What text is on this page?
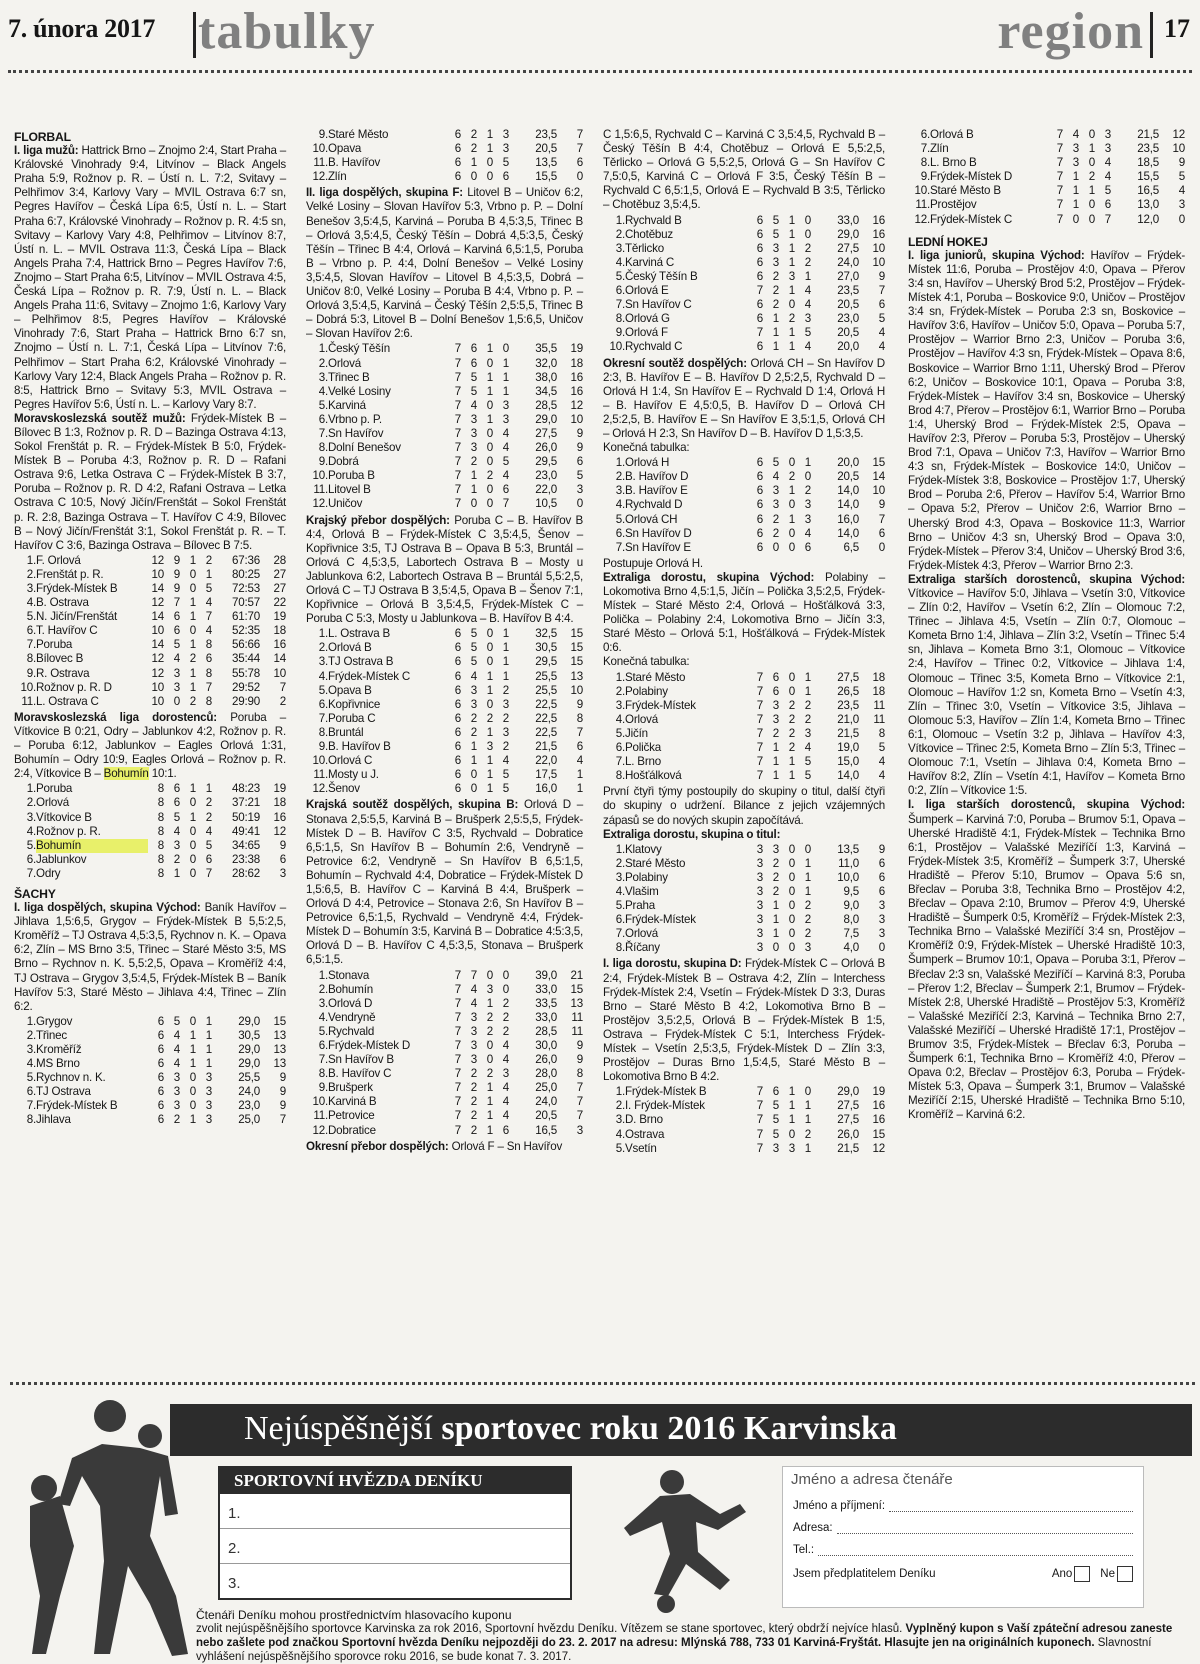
7. února 2017 tabulky	region 17
FLORBAL

I. liga mužů: Hattrick Brno – Znojmo 2:4, Start Praha – Královské Vinohrady 9:4, Litvínov – Black Angels Praha 5:9, Rožnov p. R. – Ústí n. L. 7:2, Svitavy – Pelhřimov 3:4, Karlovy Vary – MVIL Ostrava 6:7 sn, Pegres Havířov – Česká Lípa 6:5, Ústí n. L. – Start Praha 6:7, Královské Vinohrady – Rožnov p. R. 4:5 sn, Svitavy – Karlovy Vary 4:8, Pelhřimov – Litvínov 8:7, Ústí n. L. – MVIL Ostrava 11:3, Česká Lípa – Black Angels Praha 7:4, Hattrick Brno – Pegres Havířov 7:6, Znojmo – Start Praha 6:5, Litvínov – MVIL Ostrava 4:5, Česká Lípa – Rožnov p. R. 7:9, Ústí n. L. – Black Angels Praha 11:6, Svitavy – Znojmo 1:6, Karlovy Vary – Pelhřimov 8:5, Pegres Havířov – Královské Vinohrady 7:6, Start Praha – Hattrick Brno 6:7 sn, Znojmo – Ústí n. L. 7:1, Česká Lípa – Litvínov 7:6, Pelhřimov – Start Praha 6:2, Královské Vinohrady – Karlovy Vary 12:4, Black Angels Praha – Rožnov p. R. 8:5, Hattrick Brno – Svitavy 5:3, MVIL Ostrava – Pegres Havířov 5:6, Ústí n. L. – Karlovy Vary 8:7.

Moravskoslezská soutěž mužů: Frýdek-Místek B – Bílovec B 1:3, Rožnov p. R. D – Bazinga Ostrava 4:13, Sokol Frenštát p. R. – Frýdek-Místek B 5:0, Frýdek-Místek B – Poruba 4:3, Rožnov p. R. D – Rafani Ostrava 9:6, Letka Ostrava C – Frýdek-Místek B 3:7, Poruba – Rožnov p. R. D 4:2, Rafani Ostrava – Letka Ostrava C 10:5, Nový Jičín/Frenštát – Sokol Frenštát p. R. 2:8, Bazinga Ostrava – T. Havířov C 4:9, Bílovec B – Nový Jičín/Frenštát 3:1, Sokol Frenštát p. R. – T. Havířov C 3:6, Bazinga Ostrava – Bílovec B 7:5.

1.	F. Orlová	12	9	1	2	67:36	28
2.	Frenštát p. R.	10	9	0	1	80:25	27
3.	Frýdek-Místek B	14	9	0	5	72:53	27
4.	B. Ostrava	12	7	1	4	70:57	22
5.	N. Jičín/Frenštát	14	6	1	7	61:70	19
6.	T. Havířov C	10	6	0	4	52:35	18
7.	Poruba	14	5	1	8	56:66	16
8.	Bílovec B	12	4	2	6	35:44	14
9.	R. Ostrava	12	3	1	8	55:78	10
10.	Rožnov p. R. D	10	3	1	7	29:52	7
11.	L. Ostrava C	10	0	2	8	29:90	2

Moravskoslezská liga dorostenců: Poruba – Vítkovice B 0:21, Odry – Jablunkov 4:2, Rožnov p. R. – Poruba 6:12, Jablunkov – Eagles Orlová 1:31, Bohumín – Odry 10:9, Eagles Orlová – Rožnov p. R. 2:4, Vítkovice B – Bohumín 10:1.

1.	Poruba	8	6	1	1	48:23	19
2.	Orlová	8	6	0	2	37:21	18
3.	Vítkovice B	8	5	1	2	50:19	16
4.	Rožnov p. R.	8	4	0	4	49:41	12
5.	Bohumín	8	3	0	5	34:65	9
6.	Jablunkov	8	2	0	6	23:38	6
7.	Odry	8	1	0	7	28:62	3
ŠACHY

I. liga dospělých, skupina Východ: Baník Havířov – Jihlava 1,5:6,5, Grygov – Frýdek-Místek B 5,5:2,5, Kroměříž – TJ Ostrava 4,5:3,5, Rychnov n. K. – Opava 6:2, Zlín – MS Brno 3:5, Třinec – Staré Město 3:5, MS Brno – Rychnov n. K. 5,5:2,5, Opava – Kroměříž 4:4, TJ Ostrava – Grygov 3,5:4,5, Frýdek-Místek B – Baník Havířov 5:3, Staré Město – Jihlava 4:4, Třinec – Zlín 6:2.

1.	Grygov	6	5	0	1	29,0	15
2.	Třinec	6	4	1	1	30,5	13
3.	Kroměříž	6	4	1	1	29,0	13
4.	MS Brno	6	4	1	1	29,0	13
5.	Rychnov n. K.	6	3	0	3	25,5	9
6.	TJ Ostrava	6	3	0	3	24,0	9
7.	Frýdek-Místek B	6	3	0	3	23,0	9
8.	Jihlava	6	2	1	3	25,0	7
9.	Staré Město	6	2	1	3	23,5	7
10.	Opava	6	2	1	3	20,5	7
11.	B. Havířov	6	1	0	5	13,5	6
12.	Zlín	6	0	0	6	15,5	0

II. liga dospělých, skupina F: Litovel B – Uničov 6:2, Velké Losiny – Slovan Havířov 5:3, Vrbno p. P. – Dolní Benešov 3,5:4,5, Karviná – Poruba B 4,5:3,5, Třinec B – Orlová 3,5:4,5, Český Těšín – Dobrá 4,5:3,5, Český Těšín – Třinec B 4:4, Orlová – Karviná 6,5:1,5, Poruba B – Vrbno p. P. 4:4, Dolní Benešov – Velké Losiny 3,5:4,5, Slovan Havířov – Litovel B 4,5:3,5, Dobrá – Uničov 8:0, Velké Losiny – Poruba B 4:4, Vrbno p. P. – Orlová 3,5:4,5, Karviná – Český Těšín 2,5:5,5, Třinec B – Dobrá 5:3, Litovel B – Dolní Benešov 1,5:6,5, Uničov – Slovan Havířov 2:6.

1.	Český Těšín	7	6	1	0	35,5	19
2.	Orlová	7	6	0	1	32,0	18
3.	Třinec B	7	5	1	1	38,0	16
4.	Velké Losiny	7	5	1	1	34,5	16
5.	Karviná	7	4	0	3	28,5	12
6.	Vrbno p. P.	7	3	1	3	29,0	10
7.	Sn Havířov	7	3	0	4	27,5	9
8.	Dolní Benešov	7	3	0	4	26,0	9
9.	Dobrá	7	2	0	5	29,5	6
10.	Poruba B	7	1	2	4	23,0	5
11.	Litovel B	7	1	0	6	22,0	3
12.	Uničov	7	0	0	7	10,5	0

Krajský přebor dospělých: Poruba C – B. Havířov B 4:4, Orlová B – Frýdek-Místek C 3,5:4,5, Šenov – Kopřivnice 3:5, TJ Ostrava B – Opava B 5:3, Bruntál – Orlová C 4,5:3,5, Labortech Ostrava B – Mosty u Jablunkova 6:2, Labortech Ostrava B – Bruntál 5,5:2,5, Orlová C – TJ Ostrava B 3,5:4,5, Opava B – Šenov 7:1, Kopřivnice – Orlová B 3,5:4,5, Frýdek-Místek C – Poruba C 5:3, Mosty u Jablunkova – B. Havířov B 4:4.

1.	L. Ostrava B	6	5	0	1	32,5	15
2.	Orlová B	6	5	0	1	30,5	15
3.	TJ Ostrava B	6	5	0	1	29,5	15
4.	Frýdek-Místek C	6	4	1	1	25,5	13
5.	Opava B	6	3	1	2	25,5	10
6.	Kopřivnice	6	3	0	3	22,5	9
7.	Poruba C	6	2	2	2	22,5	8
8.	Bruntál	6	2	1	3	22,5	7
9.	B. Havířov B	6	1	3	2	21,5	6
10.	Orlová C	6	1	1	4	22,0	4
11.	Mosty u J.	6	0	1	5	17,5	1
12.	Šenov	6	0	1	5	16,0	1

Krajská soutěž dospělých, skupina B: Orlová D – Stonava 2,5:5,5, Karviná B – Brušperk 2,5:5,5, Frýdek-Místek D – B. Havířov C 3:5, Rychvald – Dobratice 6,5:1,5, Sn Havířov B – Bohumín 2:6, Vendryně – Petrovice 6:2, Vendryně – Sn Havířov B 6,5:1,5, Bohumín – Rychvald 4:4, Dobratice – Frýdek-Místek D 1,5:6,5, B. Havířov C – Karviná B 4:4, Brušperk – Orlová D 4:4, Petrovice – Stonava 2:6, Sn Havířov B – Petrovice 6,5:1,5, Rychvald – Vendryně 4:4, Frýdek-Místek D – Bohumín 3:5, Karviná B – Dobratice 4:5:3,5, Orlová D – B. Havířov C 4,5:3,5, Stonava – Brušperk 6,5:1,5.

1.	Stonava	7	7	0	0	39,0	21
2.	Bohumín	7	4	3	0	33,0	15
3.	Orlová D	7	4	1	2	33,5	13
4.	Vendryně	7	3	2	2	33,0	11
5.	Rychvald	7	3	2	2	28,5	11
6.	Frýdek-Místek D	7	3	0	4	30,0	9
7.	Sn Havířov B	7	3	0	4	26,0	9
8.	B. Havířov C	7	2	2	3	28,0	8
9.	Brušperk	7	2	1	4	25,0	7
10.	Karviná B	7	2	1	4	24,0	7
11.	Petrovice	7	2	1	4	20,5	7
12.	Dobratice	7	2	1	6	16,5	3

Okresní přebor dospělých: Orlová F – Sn Havířov

C 1,5:6,5, Rychvald C – Karviná C 3,5:4,5, Rychvald B – Český Těšín B 4:4, Chotěbuz – Orlová E 5,5:2,5, Těrlicko – Orlová G 5,5:2,5, Orlová G – Sn Havířov C 7,5:0,5, Karviná C – Orlová F 3:5, Český Těšín B – Rychvald C 6,5:1,5, Orlová E – Rychvald B 3:5, Těrlicko – Chotěbuz 3,5:4,5.

1.	Rychvald B	6	5	1	0	33,0	16
2.	Chotěbuz	6	5	1	0	29,0	16
3.	Těrlicko	6	3	1	2	27,5	10
4.	Karviná C	6	3	1	2	24,0	10
5.	Český Těšín B	6	2	3	1	27,0	9
6.	Orlová E	7	2	1	4	23,5	7
7.	Sn Havířov C	6	2	0	4	20,5	6
8.	Orlová G	6	1	2	3	23,0	5
9.	Orlová F	7	1	1	5	20,5	4
10.	Rychvald C	6	1	1	4	20,0	4

Okresní soutěž dospělých: Orlová CH – Sn Havířov D 2:3, B. Havířov E – B. Havířov D 2,5:2,5, Rychvald D – Orlová H 1:4, Sn Havířov E – Rychvald D 1:4, Orlová H – B. Havířov E 4,5:0,5, B. Havířov D – Orlová CH 2,5:2,5, B. Havířov E – Sn Havířov E 3,5:1,5, Orlová CH – Orlová H 2:3, Sn Havířov D – B. Havířov D 1,5:3,5.

Konečná tabulka:

1.	Orlová H	6	5	0	1	20,0	15
2.	B. Havířov D	6	4	2	0	20,5	14
3.	B. Havířov E	6	3	1	2	14,0	10
4.	Rychvald D	6	3	0	3	14,0	9
5.	Orlová CH	6	2	1	3	16,0	7
6.	Sn Havířov D	6	2	0	4	14,0	6
7.	Sn Havířov E	6	0	0	6	6,5	0

Postupuje Orlová H.

Extraliga dorostu, skupina Východ: Polabiny – Lokomotiva Brno 4,5:1,5, Jičín – Polička 3,5:2,5, Frýdek-Místek – Staré Město 2:4, Orlová – Hošťálková 3:3, Polička – Polabiny 2:4, Lokomotiva Brno – Jičín 3:3, Staré Město – Orlová 5:1, Hošťálková – Frýdek-Místek 0:6.

Konečná tabulka:

1.	Staré Město	7	6	0	1	27,5	18
2.	Polabiny	7	6	0	1	26,5	18
3.	Frýdek-Místek	7	3	2	2	23,5	11
4.	Orlová	7	3	2	2	21,0	11
5.	Jičín	7	2	2	3	21,5	8
6.	Polička	7	1	2	4	19,0	5
7.	L. Brno	7	1	1	5	15,0	4
8.	Hošťálková	7	1	1	5	14,0	4

První čtyři týmy postoupily do skupiny o titul, další čtyři do skupiny o udržení. Bilance z jejich vzájemných zápasů se do nových skupin započítává.

Extraliga dorostu, skupina o titul:

1.	Klatovy	3	3	0	0	13,5	9
2.	Staré Město	3	2	0	1	11,0	6
3.	Polabiny	3	2	0	1	10,0	6
4.	Vlašim	3	2	0	1	9,5	6
5.	Praha	3	1	0	2	9,0	3
6.	Frýdek-Místek	3	1	0	2	8,0	3
7.	Orlová	3	1	0	2	7,5	3
8.	Říčany	3	0	0	3	4,0	0

I. liga dorostu, skupina D: Frýdek-Místek C – Orlová B 2:4, Frýdek-Místek B – Ostrava 4:2, Zlín – Interchess Frýdek-Místek 2:4, Vsetín – Frýdek-Místek D 3:3, Duras Brno – Staré Město B 4:2, Lokomotiva Brno B – Prostějov 3,5:2,5, Orlová B – Frýdek-Místek B 1:5, Ostrava – Frýdek-Místek C 5:1, Interchess Frýdek-Místek – Vsetín 2,5:3,5, Frýdek-Místek D – Zlín 3:3, Prostějov – Duras Brno 1,5:4,5, Staré Město B – Lokomotiva Brno B 4:2.

1.	Frýdek-Místek B	7	6	1	0	29,0	19
2.	I. Frýdek-Místek	7	5	1	1	27,5	16
3.	D. Brno	7	5	1	1	27,5	16
4.	Ostrava	7	5	0	2	26,0	15
5.	Vsetín	7	3	3	1	21,5	12
6.	Orlová B	7	4	0	3	21,5	12
7.	Zlín	7	3	1	3	23,5	10
8.	L. Brno B	7	3	0	4	18,5	9
9.	Frýdek-Místek D	7	1	2	4	15,5	5
10.	Staré Město B	7	1	1	5	16,5	4
11.	Prostějov	7	1	0	6	13,0	3
12.	Frýdek-Místek C	7	0	0	7	12,0	0
LEDNÍ HOKEJ

I. liga juniorů, skupina Východ: Havířov – Frýdek-Místek 11:6, Poruba – Prostějov 4:0, Opava – Přerov 3:4 sn, Havířov – Uherský Brod 5:2, Prostějov – Frýdek-Místek 4:1, Poruba – Boskovice 9:0, Uničov – Prostějov 3:4 sn, Frýdek-Místek – Poruba 2:3 sn, Boskovice – Havířov 3:6, Havířov – Uničov 5:0, Opava – Poruba 5:7, Prostějov – Warrior Brno 2:3, Uničov – Poruba 3:6, Prostějov – Havířov 4:3 sn, Frýdek-Místek – Opava 8:6, Boskovice – Warrior Brno 1:11, Uherský Brod – Přerov 6:2, Uničov – Boskovice 10:1, Opava – Poruba 3:8, Frýdek-Místek – Havířov 3:4 sn, Boskovice – Uherský Brod 4:7, Přerov – Prostějov 6:1, Warrior Brno – Poruba 1:4, Uherský Brod – Frýdek-Místek 2:5, Opava – Havířov 2:3, Přerov – Poruba 5:3, Prostějov – Uherský Brod 7:1, Opava – Uničov 7:3, Havířov – Warrior Brno 4:3 sn, Frýdek-Místek – Boskovice 14:0, Uničov – Frýdek-Místek 3:8, Boskovice – Prostějov 1:7, Uherský Brod – Poruba 2:6, Přerov – Havířov 5:4, Warrior Brno – Opava 5:2, Přerov – Uničov 2:6, Warrior Brno – Uherský Brod 4:3, Opava – Boskovice 11:3, Warrior Brno – Uničov 4:3 sn, Uherský Brod – Opava 3:0, Frýdek-Místek – Přerov 3:4, Uničov – Uherský Brod 3:6, Frýdek-Místek 4:3, Přerov – Warrior Brno 2:3.

Extraliga starších dorostenců, skupina Východ: Vítkovice – Havířov 5:0, Jihlava – Vsetín 3:0, Vítkovice – Zlín 0:2, Havířov – Vsetín 6:2, Zlín – Olomouc 7:2, Třinec – Jihlava 4:5, Vsetín – Zlín 0:7, Olomouc – Kometa Brno 1:4, Jihlava – Zlín 3:2, Vsetín – Třinec 5:4 sn, Jihlava – Kometa Brno 3:1, Olomouc – Vítkovice 2:4, Havířov – Třinec 0:2, Vítkovice – Jihlava 1:4, Olomouc – Třinec 3:5, Kometa Brno – Vítkovice 2:1, Olomouc – Havířov 1:2 sn, Kometa Brno – Vsetín 4:3, Zlín – Třinec 3:0, Vsetín – Vítkovice 3:5, Jihlava – Olomouc 5:3, Havířov – Zlín 1:4, Kometa Brno – Třinec 6:1, Olomouc – Vsetín 3:2 p, Jihlava – Havířov 4:3, Vítkovice – Třinec 2:5, Kometa Brno – Zlín 5:3, Třinec – Olomouc 7:1, Vsetín – Jihlava 0:4, Kometa Brno – Havířov 8:2, Zlín – Vsetín 4:1, Havířov – Kometa Brno 0:2, Zlín – Vítkovice 1:5.

I. liga starších dorostenců, skupina Východ: Šumperk – Karviná 7:0, Poruba – Brumov 5:1, Opava – Uherské Hradiště 4:1, Frýdek-Místek – Technika Brno 6:1, Prostějov – Valašské Meziříčí 1:3, Karviná – Frýdek-Místek 3:5, Kroměříž – Šumperk 3:7, Uherské Hradiště – Přerov 5:10, Brumov – Opava 5:6 sn, Břeclav – Poruba 3:8, Technika Brno – Prostějov 4:2, Břeclav – Opava 2:10, Brumov – Přerov 4:9, Uherské Hradiště – Šumperk 0:5, Kroměříž – Frýdek-Místek 2:3, Technika Brno – Valašské Meziříčí 3:4 sn, Prostějov – Kroměříž 0:9, Frýdek-Místek – Uherské Hradiště 10:3, Šumperk – Brumov 10:1, Opava – Poruba 3:1, Přerov – Břeclav 2:3 sn, Valašské Meziříčí – Karviná 8:3, Poruba – Přerov 1:2, Břeclav – Šumperk 2:1, Brumov – Frýdek-Místek 2:8, Uherské Hradiště – Prostějov 5:3, Kroměříž – Valašské Meziříčí 2:3, Karviná – Technika Brno 2:7, Valašské Meziříčí – Uherské Hradiště 17:1, Prostějov – Brumov 3:5, Frýdek-Místek – Břeclav 6:3, Poruba – Šumperk 6:1, Technika Brno – Kroměříž 4:0, Přerov – Opava 0:2, Břeclav – Prostějov 6:3, Poruba – Frýdek-Místek 5:3, Opava – Šumperk 3:1, Brumov – Valašské Meziříčí 2:15, Uherské Hradiště – Technika Brno 5:10, Kroměříž – Karviná 6:2.

Nejúspěšnější sportovec roku 2016 Karvinska
SPORTOVNÍ HVĚZDA DENÍKU
1.
2.
3.
Jméno a adresa čtenáře
Jméno a příjmení:
Adresa:
Tel.:
Jsem předplatitelem Deníku	Ano Ne
Čtenáři Deníku mohou prostřednictvím hlasovacího kuponu
zvolit nejúspěšnějšího sportovce Karvinska za rok 2016, Sportovní hvězdu Deníku. Vítězem se stane sportovec, který obdrží nejvíce hlasů. Vyplněný kupon s Vaší zpáteční adresou zaneste nebo zašlete pod značkou Sportovní hvězda Deníku nejpozději do 23. 2. 2017 na adresu: Mlýnská 788, 733 01 Karviná-Fryštát. Hlasujte jen na originálních kuponech. Slavnostní vyhlášení nejúspěšnějšího sporovce roku 2016, se bude konat 7. 3. 2017.
